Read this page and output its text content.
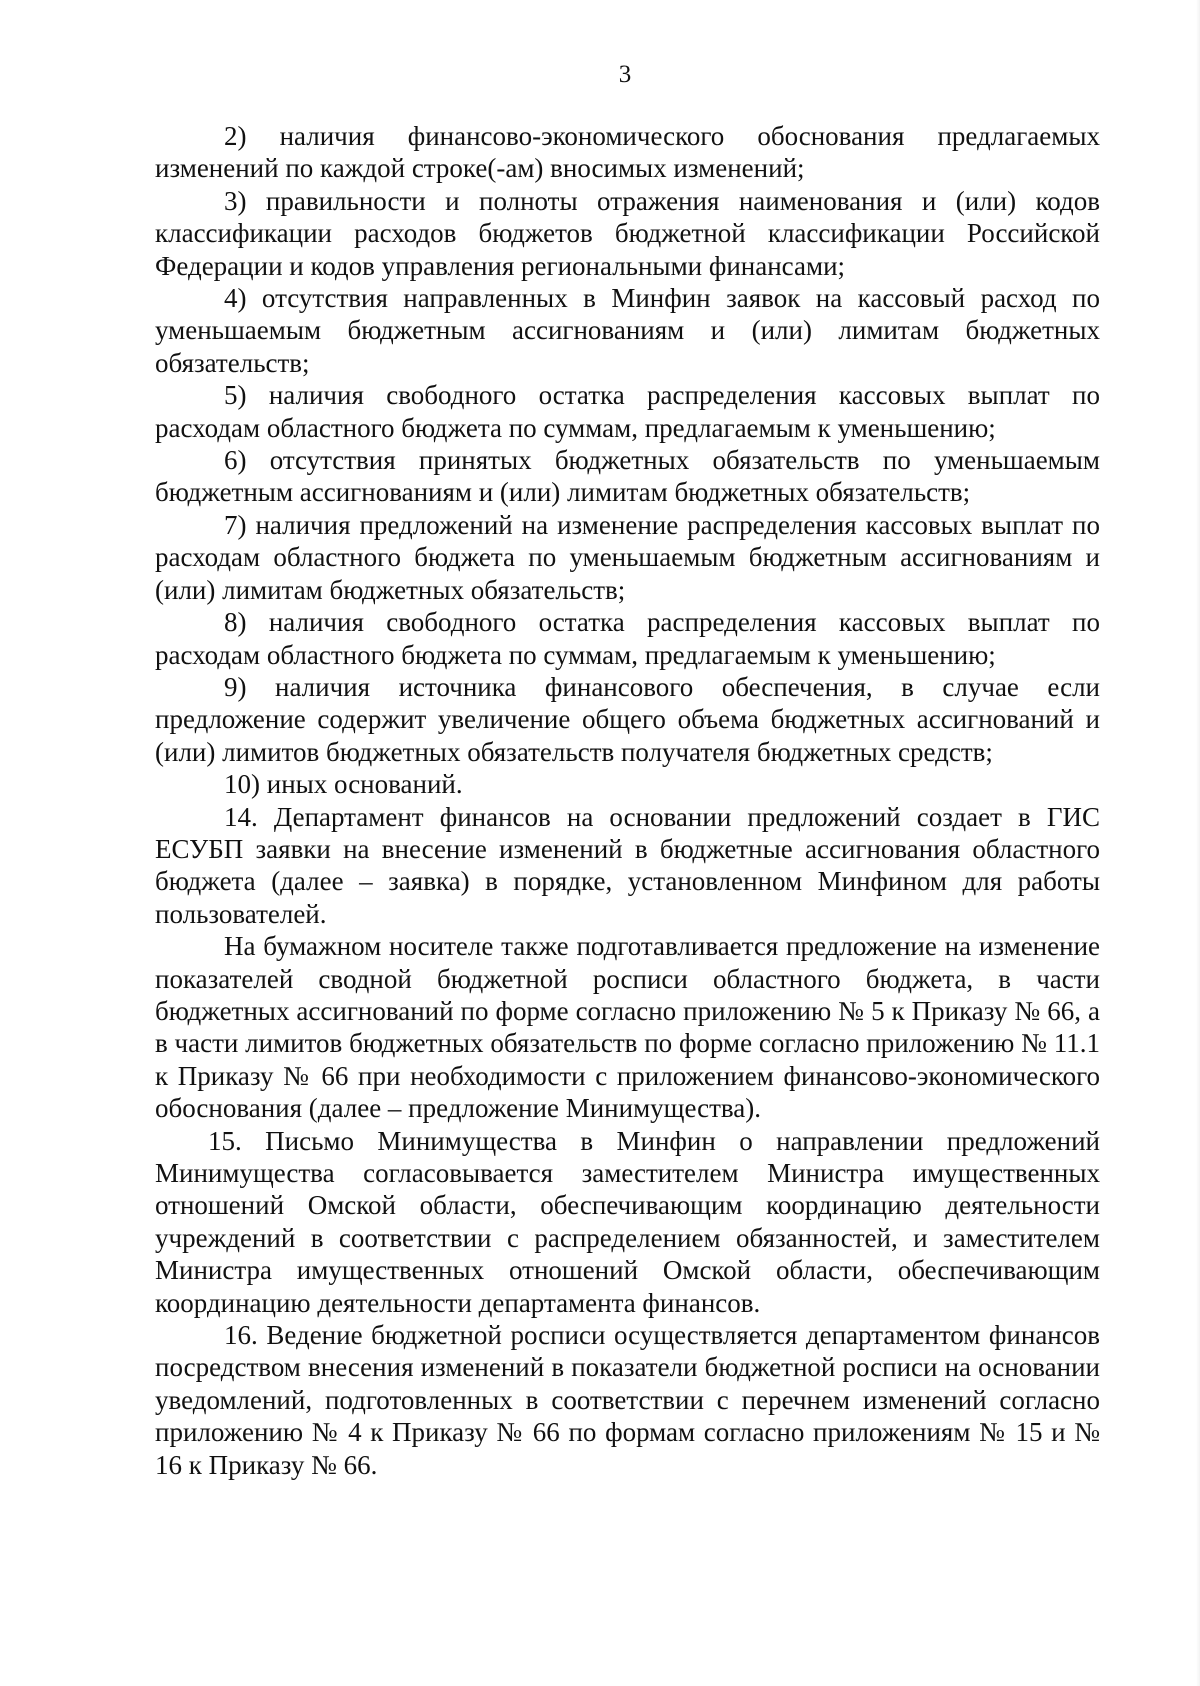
3

2) наличия финансово-экономического обоснования предлагаемых изменений по каждой строке(-ам) вносимых изменений;

3) правильности и полноты отражения наименования и (или) кодов классификации расходов бюджетов бюджетной классификации Российской Федерации и кодов управления региональными финансами;

4) отсутствия направленных в Минфин заявок на кассовый расход по уменьшаемым бюджетным ассигнованиям и (или) лимитам бюджетных обязательств;

5) наличия свободного остатка распределения кассовых выплат по расходам областного бюджета по суммам, предлагаемым к уменьшению;

6) отсутствия принятых бюджетных обязательств по уменьшаемым бюджетным ассигнованиям и (или) лимитам бюджетных обязательств;

7) наличия предложений на изменение распределения кассовых выплат по расходам областного бюджета по уменьшаемым бюджетным ассигнованиям и (или) лимитам бюджетных обязательств;

8) наличия свободного остатка распределения кассовых выплат по расходам областного бюджета по суммам, предлагаемым к уменьшению;

9) наличия источника финансового обеспечения, в случае если предложение содержит увеличение общего объема бюджетных ассигнований и (или) лимитов бюджетных обязательств получателя бюджетных средств;

10) иных оснований.

14. Департамент финансов на основании предложений создает в ГИС ЕСУБП заявки на внесение изменений в бюджетные ассигнования областного бюджета (далее – заявка) в порядке, установленном Минфином для работы пользователей.

На бумажном носителе также подготавливается предложение на изменение показателей сводной бюджетной росписи областного бюджета, в части бюджетных ассигнований по форме согласно приложению № 5 к Приказу № 66, а в части лимитов бюджетных обязательств по форме согласно приложению № 11.1 к Приказу № 66 при необходимости с приложением финансово-экономического обоснования (далее – предложение Минимущества).

15. Письмо Минимущества в Минфин о направлении предложений Минимущества согласовывается заместителем Министра имущественных отношений Омской области, обеспечивающим координацию деятельности учреждений в соответствии с распределением обязанностей, и заместителем Министра имущественных отношений Омской области, обеспечивающим координацию деятельности департамента финансов.

16. Ведение бюджетной росписи осуществляется департаментом финансов посредством внесения изменений в показатели бюджетной росписи на основании уведомлений, подготовленных в соответствии с перечнем изменений согласно приложению № 4 к Приказу № 66 по формам согласно приложениям № 15 и № 16 к Приказу № 66.
